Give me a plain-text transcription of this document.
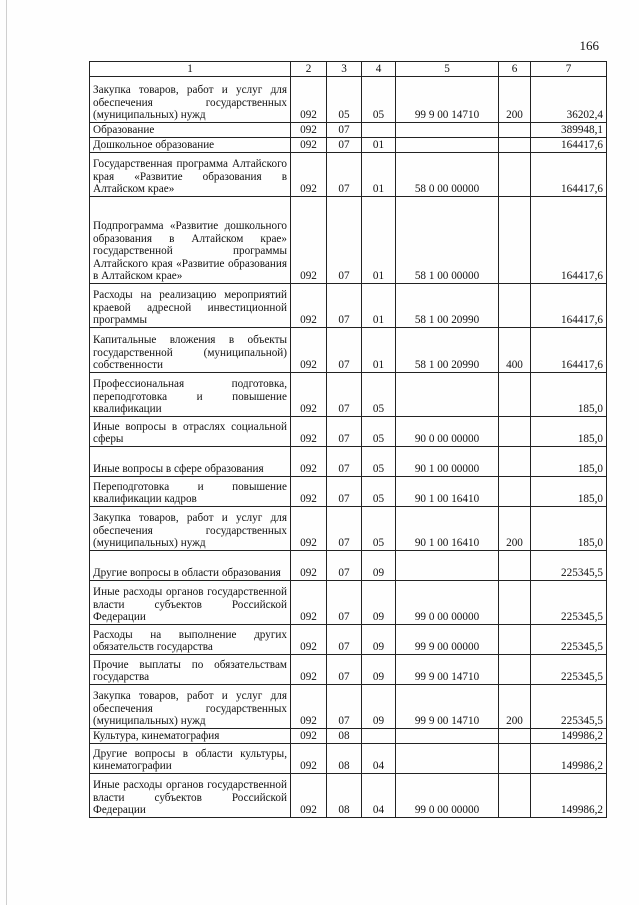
166
1	2	3	4	5	6	7
Закупка товаров, работ и услуг для обеспечения государственных (муниципальных) нужд	092	05	05	99 9 00 14710	200	36202,4
Образование	092	07				389948,1
Дошкольное образование	092	07	01			164417,6
Государственная программа Алтайского края «Развитие образования в Алтайском крае»	092	07	01	58 0 00 00000		164417,6
Подпрограмма «Развитие дошкольного образования в Алтайском крае» государственной программы Алтайского края «Развитие образования в Алтайском крае»	092	07	01	58 1 00 00000		164417,6
Расходы на реализацию мероприятий краевой адресной инвестиционной программы	092	07	01	58 1 00 20990		164417,6
Капитальные вложения в объекты государственной (муниципальной) собственности	092	07	01	58 1 00 20990	400	164417,6
Профессиональная подготовка, переподготовка и повышение квалификации	092	07	05			185,0
Иные вопросы в отраслях социальной сферы	092	07	05	90 0 00 00000		185,0
Иные вопросы в сфере образования	092	07	05	90 1 00 00000		185,0
Переподготовка и повышение квалификации кадров	092	07	05	90 1 00 16410		185,0
Закупка товаров, работ и услуг для обеспечения государственных (муниципальных) нужд	092	07	05	90 1 00 16410	200	185,0
Другие вопросы в области образования	092	07	09			225345,5
Иные расходы органов государственной власти субъектов Российской Федерации	092	07	09	99 0 00 00000		225345,5
Расходы на выполнение других обязательств государства	092	07	09	99 9 00 00000		225345,5
Прочие выплаты по обязательствам государства	092	07	09	99 9 00 14710		225345,5
Закупка товаров, работ и услуг для обеспечения государственных (муниципальных) нужд	092	07	09	99 9 00 14710	200	225345,5
Культура, кинематография	092	08				149986,2
Другие вопросы в области культуры, кинематографии	092	08	04			149986,2
Иные расходы органов государственной власти субъектов Российской Федерации	092	08	04	99 0 00 00000		149986,2
